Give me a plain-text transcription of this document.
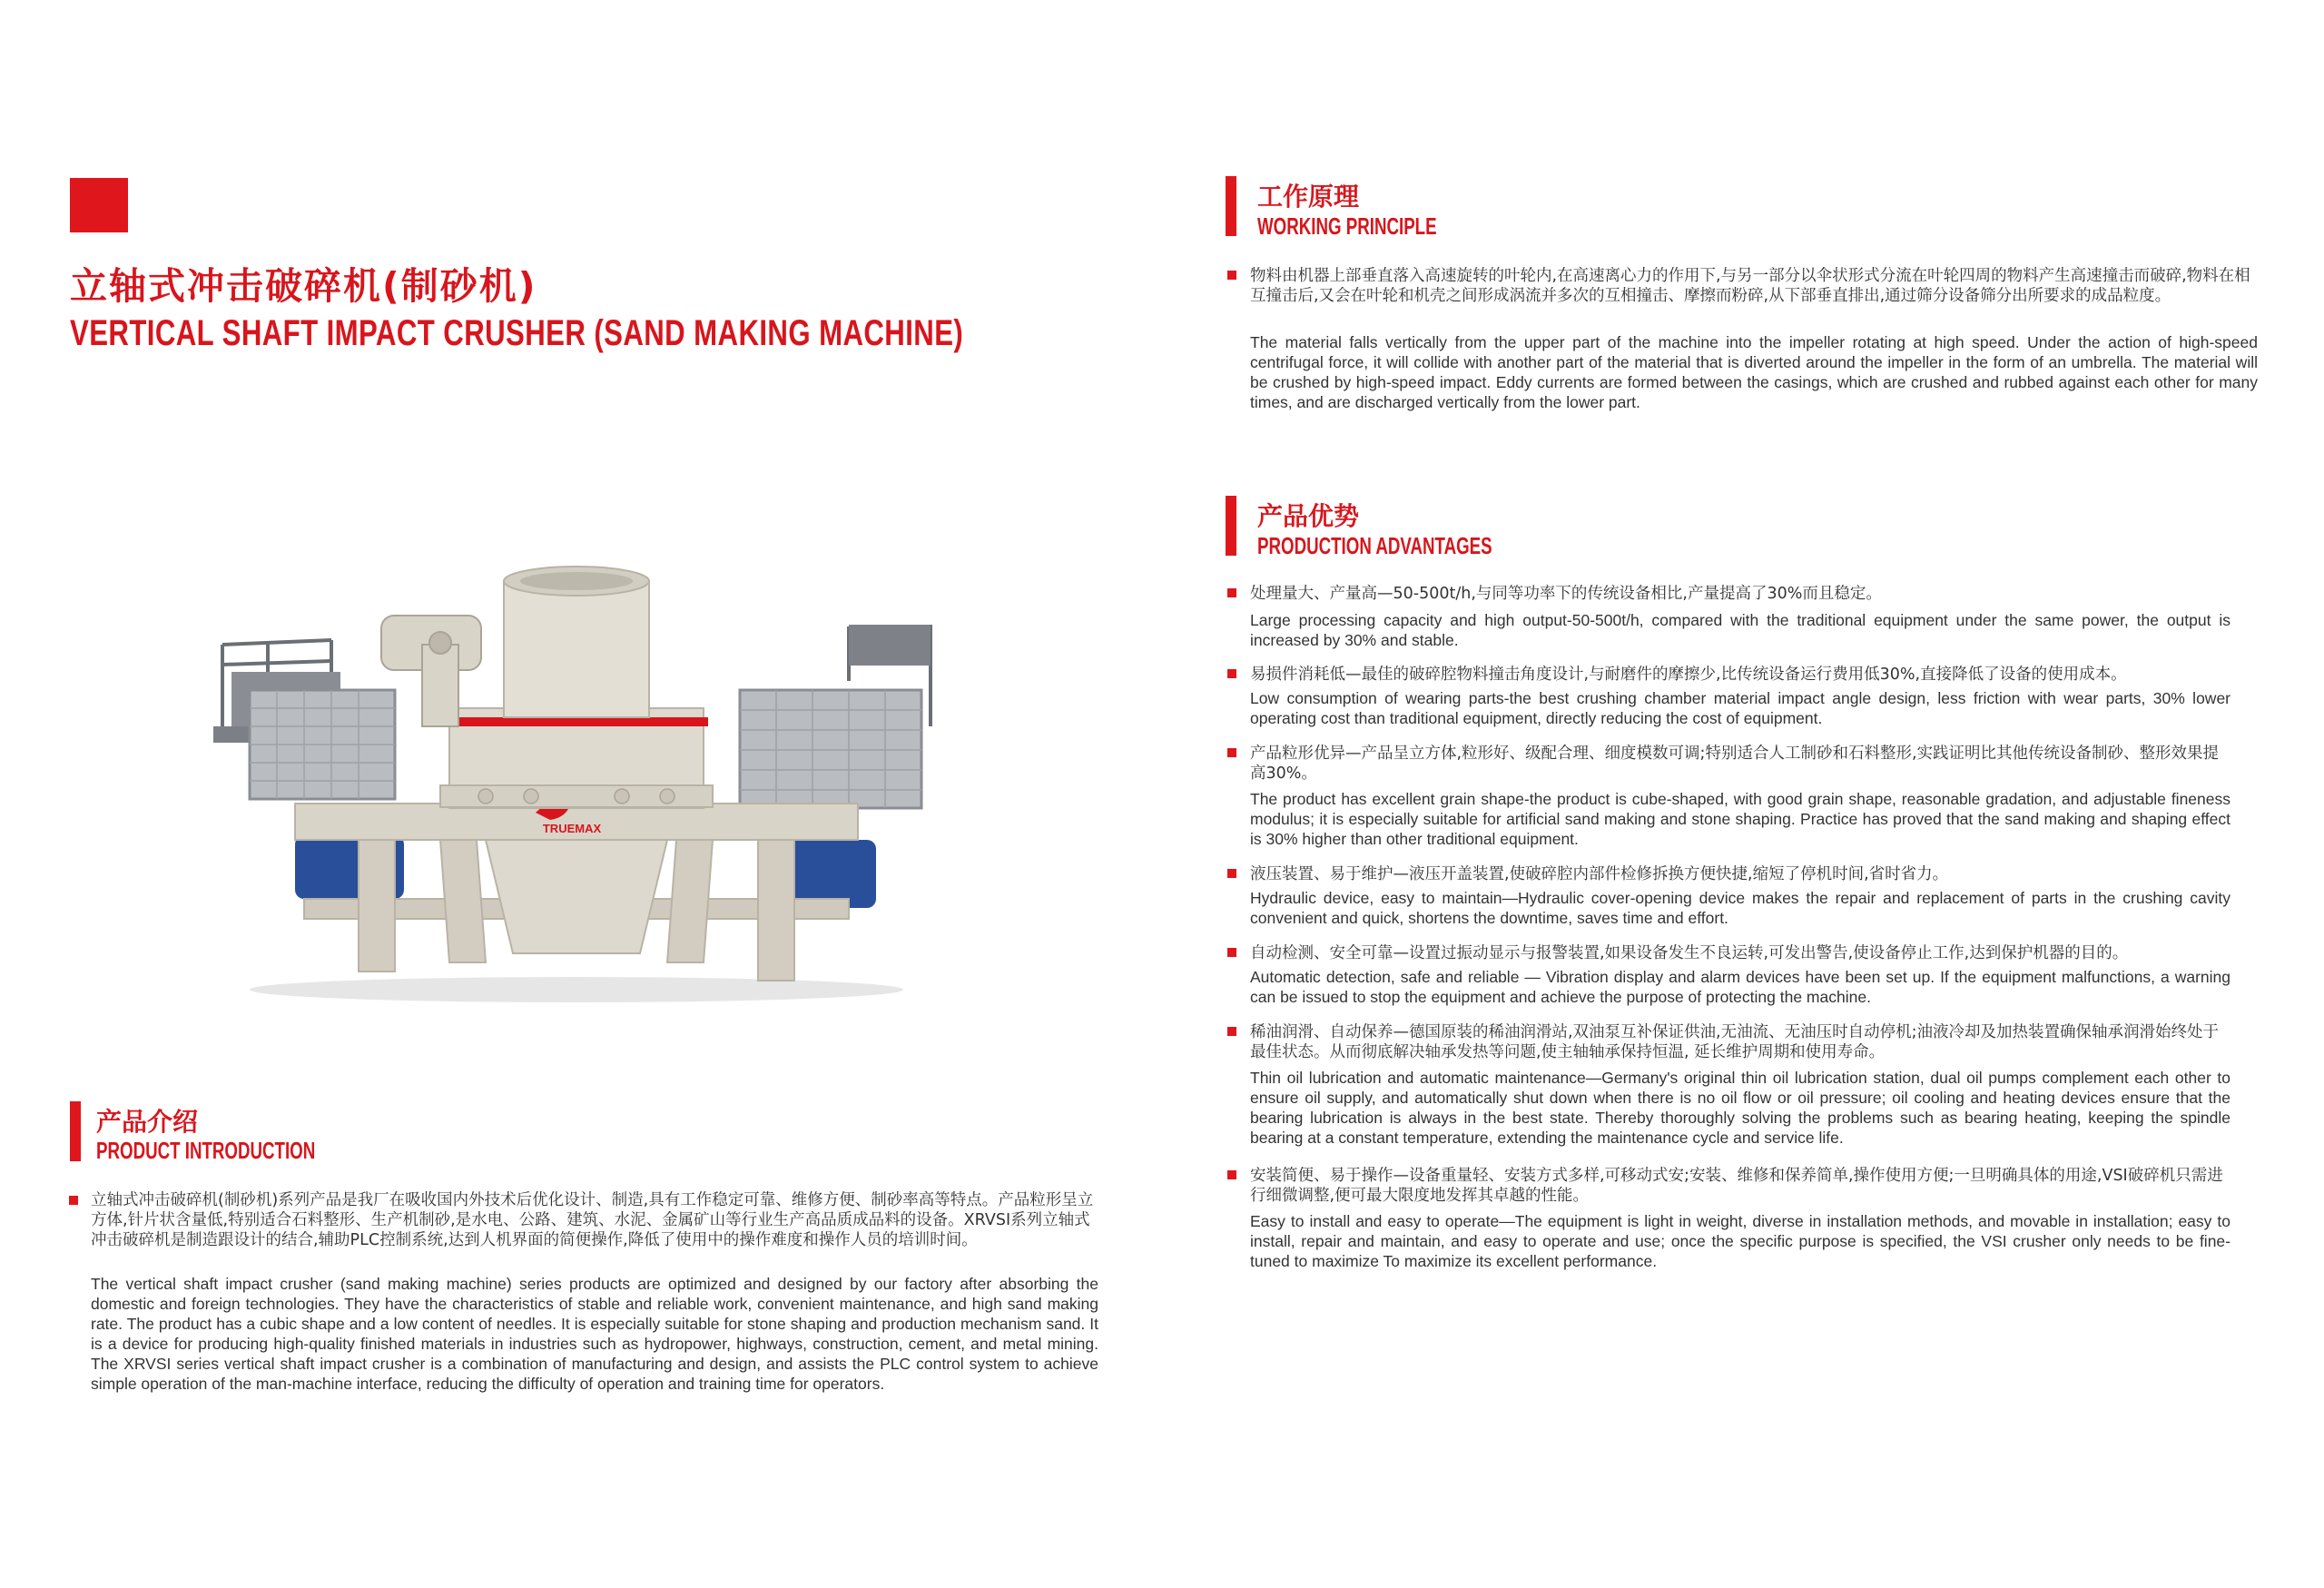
立轴式冲击破碎机(制砂机)
VERTICAL SHAFT IMPACT CRUSHER (SAND MAKING MACHINE)
TRUEMAX
产品介绍
PRODUCT INTRODUCTION
立轴式冲击破碎机(制砂机)系列产品是我厂在吸收国内外技术后优化设计、制造,具有工作稳定可靠、维修方便、制砂率高等特点。产品粒形呈立方体,针片状含量低,特别适合石料整形、生产机制砂,是水电、公路、建筑、水泥、金属矿山等行业生产高品质成品料的设备。XRVSI系列立轴式冲击破碎机是制造跟设计的结合,辅助PLC控制系统,达到人机界面的简便操作,降低了使用中的操作难度和操作人员的培训时间。
The vertical shaft impact crusher (sand making machine) series products are optimized and designed by our factory after absorbing the domestic and foreign technologies. They have the characteristics of stable and reliable work, convenient maintenance, and high sand making rate. The product has a cubic shape and a low content of needles. It is especially suitable for stone shaping and production mechanism sand. It is a device for producing high-quality finished materials in industries such as hydropower, highways, construction, cement, and metal mining. The XRVSI series vertical shaft impact crusher is a combination of manufacturing and design, and assists the PLC control system to achieve simple operation of the man-machine interface, reducing the difficulty of operation and training time for operators.
工作原理
WORKING PRINCIPLE
物料由机器上部垂直落入高速旋转的叶轮内,在高速离心力的作用下,与另一部分以伞状形式分流在叶轮四周的物料产生高速撞击而破碎,物料在相互撞击后,又会在叶轮和机壳之间形成涡流并多次的互相撞击、摩擦而粉碎,从下部垂直排出,通过筛分设备筛分出所要求的成品粒度。
The material falls vertically from the upper part of the machine into the impeller rotating at high speed. Under the action of high-speed centrifugal force, it will collide with another part of the material that is diverted around the impeller in the form of an umbrella. The material will be crushed by high-speed impact. Eddy currents are formed between the casings, which are crushed and rubbed against each other for many times, and are discharged vertically from the lower part.
产品优势
PRODUCTION ADVANTAGES
处理量大、产量高—50-500t/h,与同等功率下的传统设备相比,产量提高了30%而且稳定。
Large processing capacity and high output-50-500t/h, compared with the traditional equipment under the same power, the output is increased by 30% and stable.
易损件消耗低—最佳的破碎腔物料撞击角度设计,与耐磨件的摩擦少,比传统设备运行费用低30%,直接降低了设备的使用成本。
Low consumption of wearing parts-the best crushing chamber material impact angle design, less friction with wear parts, 30% lower operating cost than traditional equipment, directly reducing the cost of equipment.
产品粒形优异—产品呈立方体,粒形好、级配合理、细度模数可调;特别适合人工制砂和石料整形,实践证明比其他传统设备制砂、整形效果提高30%。
The product has excellent grain shape-the product is cube-shaped, with good grain shape, reasonable gradation, and adjustable fineness modulus; it is especially suitable for artificial sand making and stone shaping. Practice has proved that the sand making and shaping effect is 30% higher than other traditional equipment.
液压装置、易于维护—液压开盖装置,使破碎腔内部件检修拆换方便快捷,缩短了停机时间,省时省力。
Hydraulic device, easy to maintain—Hydraulic cover-opening device makes the repair and replacement of parts in the crushing cavity convenient and quick, shortens the downtime, saves time and effort.
自动检测、安全可靠—设置过振动显示与报警装置,如果设备发生不良运转,可发出警告,使设备停止工作,达到保护机器的目的。
Automatic detection, safe and reliable — Vibration display and alarm devices have been set up. If the equipment malfunctions, a warning can be issued to stop the equipment and achieve the purpose of protecting the machine.
稀油润滑、自动保养—德国原装的稀油润滑站,双油泵互补保证供油,无油流、无油压时自动停机;油液冷却及加热装置确保轴承润滑始终处于最佳状态。从而彻底解决轴承发热等问题,使主轴轴承保持恒温, 延长维护周期和使用寿命。
Thin oil lubrication and automatic maintenance—Germany's original thin oil lubrication station, dual oil pumps complement each other to ensure oil supply, and automatically shut down when there is no oil flow or oil pressure; oil cooling and heating devices ensure that the bearing lubrication is always in the best state. Thereby thoroughly solving the problems such as bearing heating, keeping the spindle bearing at a constant temperature, extending the maintenance cycle and service life.
安装简便、易于操作—设备重量轻、安装方式多样,可移动式安;安装、维修和保养简单,操作使用方便;一旦明确具体的用途,VSI破碎机只需进行细微调整,便可最大限度地发挥其卓越的性能。
Easy to install and easy to operate—The equipment is light in weight, diverse in installation methods, and movable in installation; easy to install, repair and maintain, and easy to operate and use; once the specific purpose is specified, the VSI crusher only needs to be fine-tuned to maximize To maximize its excellent performance.
